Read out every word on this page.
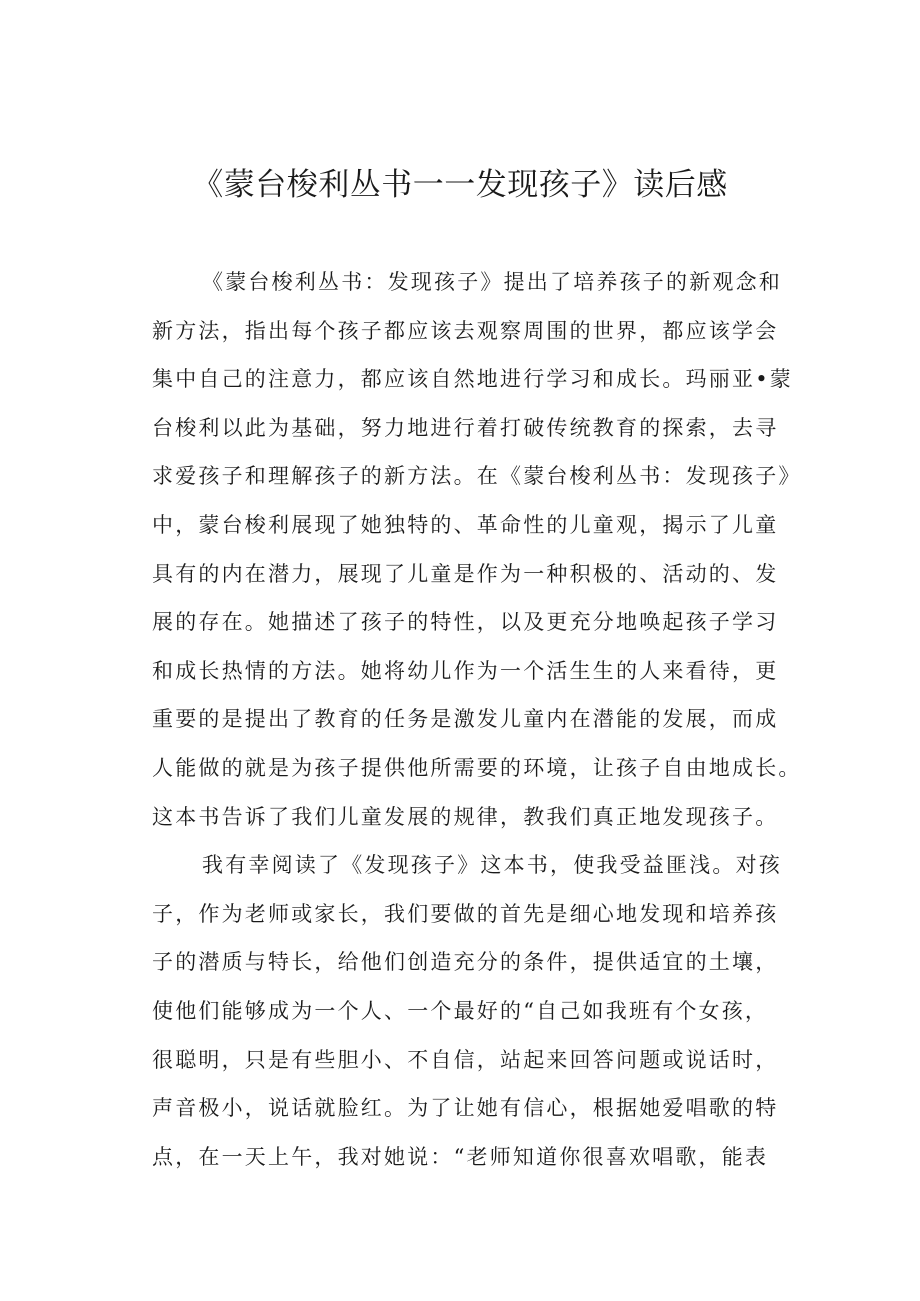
《蒙台梭利丛书一一发现孩子》读后感
《蒙台梭利丛书：发现孩子》提出了培养孩子的新观念和
新方法，指出每个孩子都应该去观察周围的世界，都应该学会
集中自己的注意力，都应该自然地进行学习和成长。玛丽亚•蒙
台梭利以此为基础，努力地进行着打破传统教育的探索，去寻
求爱孩子和理解孩子的新方法。在《蒙台梭利丛书：发现孩子》
中，蒙台梭利展现了她独特的、革命性的儿童观，揭示了儿童
具有的内在潜力，展现了儿童是作为一种积极的、活动的、发
展的存在。她描述了孩子的特性，以及更充分地唤起孩子学习
和成长热情的方法。她将幼儿作为一个活生生的人来看待，更
重要的是提出了教育的任务是激发儿童内在潜能的发展，而成
人能做的就是为孩子提供他所需要的环境，让孩子自由地成长。
这本书告诉了我们儿童发展的规律，教我们真正地发现孩子。
我有幸阅读了《发现孩子》这本书，使我受益匪浅。对孩
子，作为老师或家长，我们要做的首先是细心地发现和培养孩
子的潜质与特长，给他们创造充分的条件，提供适宜的土壤，
使他们能够成为一个人、一个最好的“自己如我班有个女孩，
很聪明，只是有些胆小、不自信，站起来回答问题或说话时，
声音极小，说话就脸红。为了让她有信心，根据她爱唱歌的特
点，在一天上午，我对她说：“老师知道你很喜欢唱歌，能表
